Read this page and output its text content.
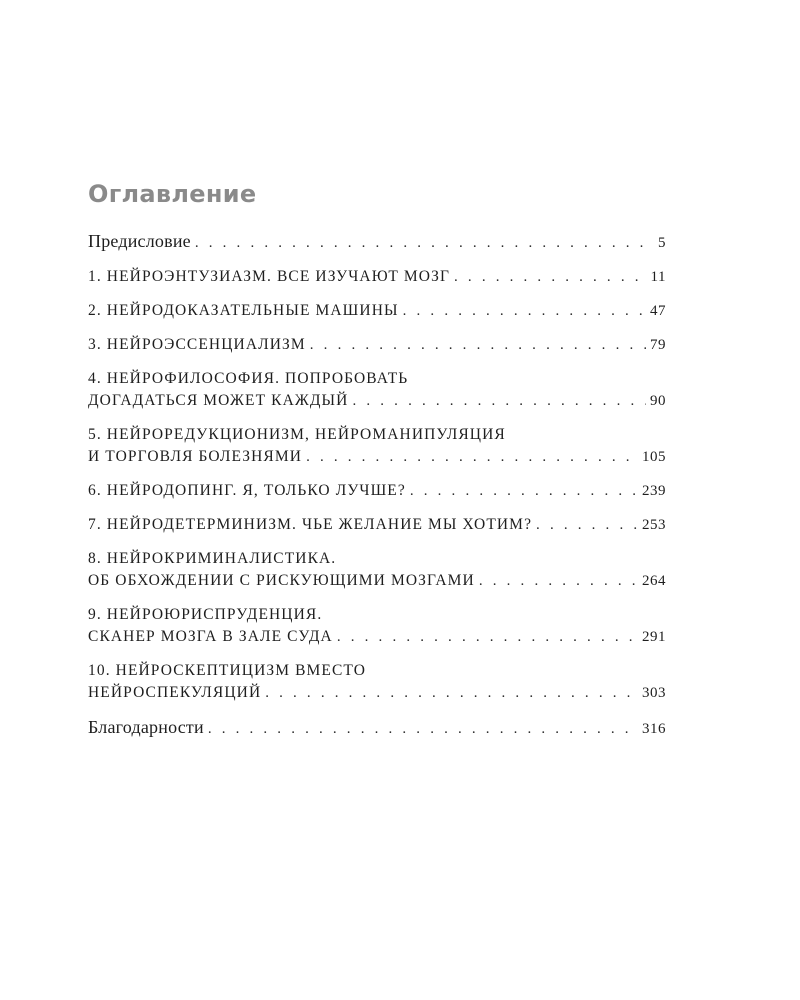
Оглавление
Предисловие . . .	5
1. НЕЙРОЭНТУЗИАЗМ. ВСЕ ИЗУЧАЮТ МОЗГ . . .	11
2. НЕЙРОДОКАЗАТЕЛЬНЫЕ МАШИНЫ . . .	47
3. НЕЙРОЭССЕНЦИАЛИЗМ . . .	79
4. НЕЙРОФИЛОСОФИЯ. ПОПРОБОВАТЬ
ДОГАДАТЬСЯ МОЖЕТ КАЖДЫЙ . . .	90
5. НЕЙРОРЕДУКЦИОНИЗМ, НЕЙРОМАНИПУЛЯЦИЯ
И ТОРГОВЛЯ БОЛЕЗНЯМИ . . .	105
6. НЕЙРОДОПИНГ. Я, ТОЛЬКО ЛУЧШЕ? . . .	239
7. НЕЙРОДЕТЕРМИНИЗМ. ЧЬЕ ЖЕЛАНИЕ МЫ ХОТИМ? . . .	253
8. НЕЙРОКРИМИНАЛИСТИКА.
ОБ ОБХОЖДЕНИИ С РИСКУЮЩИМИ МОЗГАМИ . . .	264
9. НЕЙРОЮРИСПРУДЕНЦИЯ.
СКАНЕР МОЗГА В ЗАЛЕ СУДА . . .	291
10. НЕЙРОСКЕПТИЦИЗМ ВМЕСТО
НЕЙРОСПЕКУЛЯЦИЙ . . .	303
Благодарности . . .	316
